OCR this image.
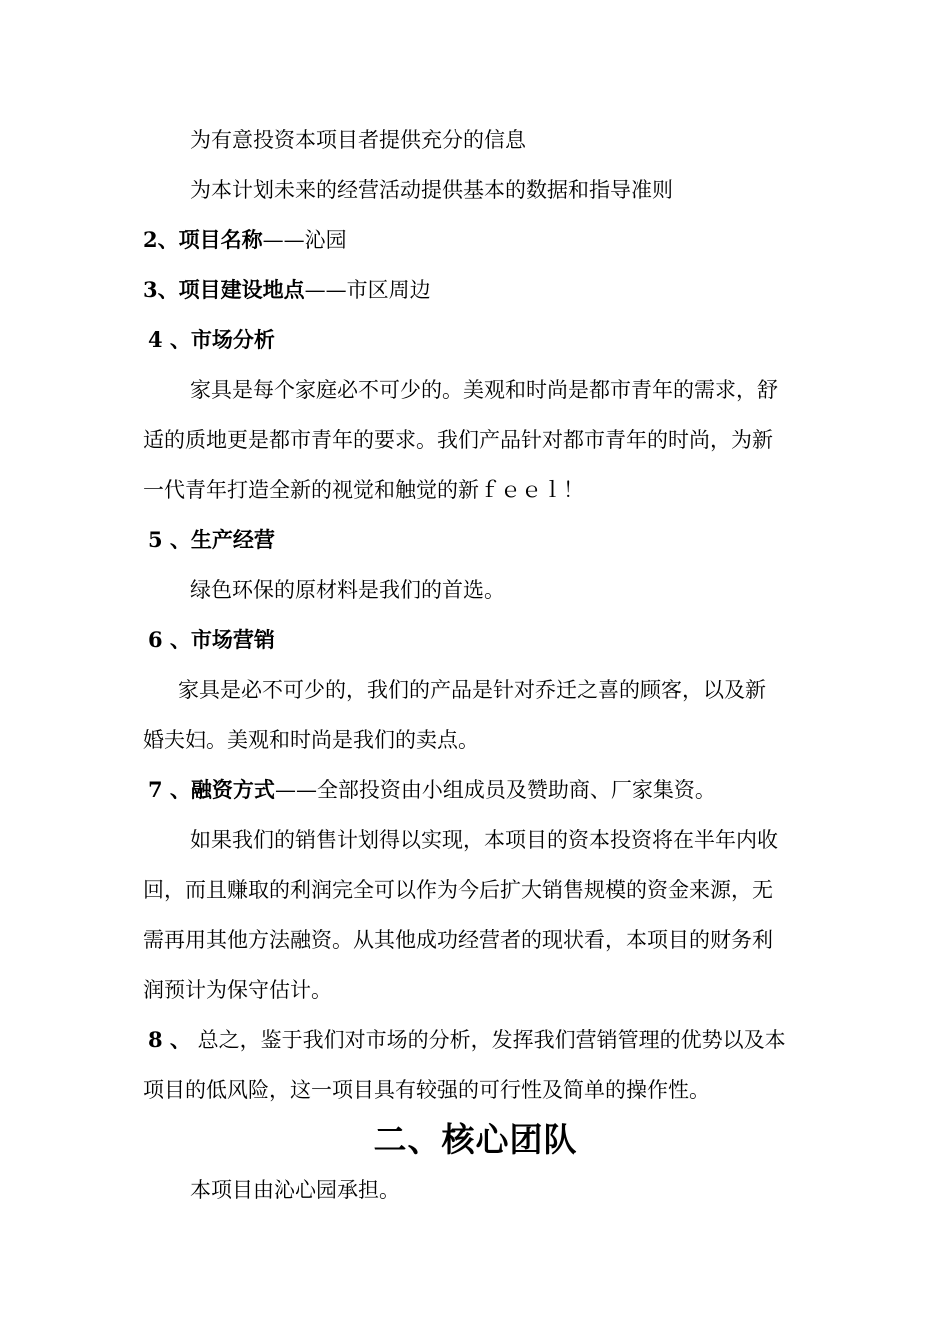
为有意投资本项目者提供充分的信息
为本计划未来的经营活动提供基本的数据和指导准则
2、项目名称——沁园
3、项目建设地点——市区周边
4 、市场分析
家具是每个家庭必不可少的。美观和时尚是都市青年的需求，舒
适的质地更是都市青年的要求。我们产品针对都市青年的时尚，为新
一代青年打造全新的视觉和触觉的新ｆｅｅｌ！
5 、生产经营
绿色环保的原材料是我们的首选。
6 、市场营销
家具是必不可少的，我们的产品是针对乔迁之喜的顾客，以及新
婚夫妇。美观和时尚是我们的卖点。
7 、融资方式——全部投资由小组成员及赞助商、厂家集资。
如果我们的销售计划得以实现，本项目的资本投资将在半年内收
回，而且赚取的利润完全可以作为今后扩大销售规模的资金来源，无
需再用其他方法融资。从其他成功经营者的现状看，本项目的财务利
润预计为保守估计。
8 、 总之，鉴于我们对市场的分析，发挥我们营销管理的优势以及本
项目的低风险，这一项目具有较强的可行性及简单的操作性。
二、核心团队
本项目由沁心园承担。
